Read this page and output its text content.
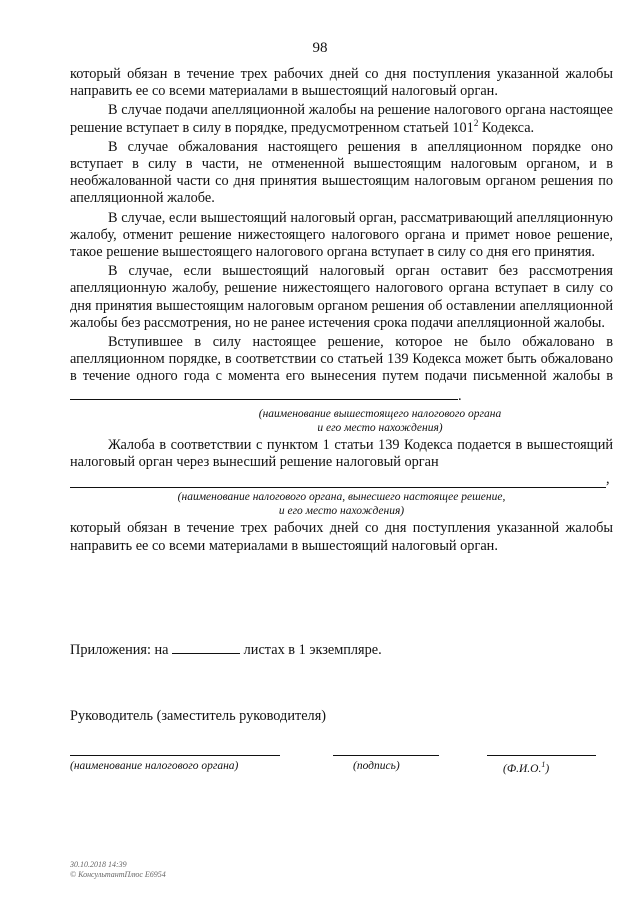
98

который обязан в течение трех рабочих дней со дня поступления указанной жалобы направить ее со всеми материалами в вышестоящий налоговый орган.

В случае подачи апелляционной жалобы на решение налогового органа настоящее решение вступает в силу в порядке, предусмотренном статьей $101^2$ Кодекса.

В случае обжалования настоящего решения в апелляционном порядке оно вступает в силу в части, не отмененной вышестоящим налоговым органом, и в необжалованной части со дня принятия вышестоящим налоговым органом решения по апелляционной жалобе.

В случае, если вышестоящий налоговый орган, рассматривающий апелляционную жалобу, отменит решение нижестоящего налогового органа и примет новое решение, такое решение вышестоящего налогового органа вступает в силу со дня его принятия.

В случае, если вышестоящий налоговый орган оставит без рассмотрения апелляционную жалобу, решение нижестоящего налогового органа вступает в силу со дня принятия вышестоящим налоговым органом решения об оставлении апелляционной жалобы без рассмотрения, но не ранее истечения срока подачи апелляционной жалобы.

Вступившее в силу настоящее решение, которое не было обжаловано в апелляционном порядке, в соответствии со статьей 139 Кодекса может быть обжаловано в течение одного года с момента его вынесения путем подачи письменной жалобы в .

(наименование вышестоящего налогового органа
и его место нахождения)

Жалоба в соответствии с пунктом 1 статьи 139 Кодекса подается в вышестоящий налоговый орган через вынесший решение налоговый орган

,
(наименование налогового органа, вынесшего настоящее решение,
и его место нахождения)

который обязан в течение трех рабочих дней со дня поступления указанной жалобы направить ее со всеми материалами в вышестоящий налоговый орган.

Приложения: на	листах в 1 экземпляре.
Руководитель (заместитель руководителя)
(наименование налогового органа)	(подпись)	(Ф.И.О.$^1$)
30.10.2018 14:39
© КонсультантПлюс E6954
